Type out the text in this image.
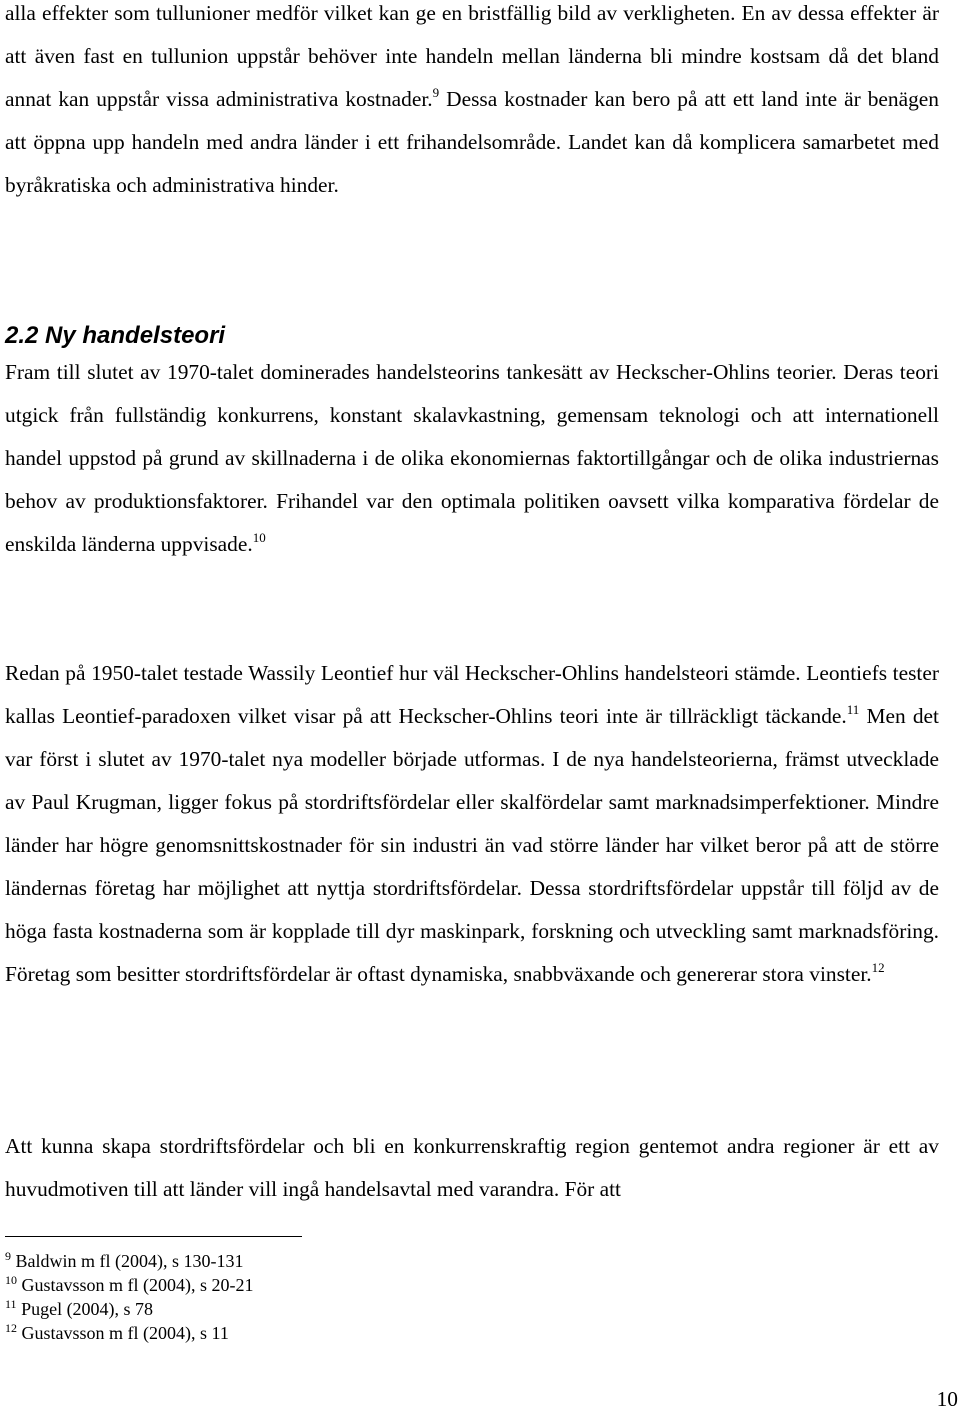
alla effekter som tullunioner medför vilket kan ge en bristfällig bild av verkligheten. En av dessa effekter är att även fast en tullunion uppstår behöver inte handeln mellan länderna bli mindre kostsam då det bland annat kan uppstår vissa administrativa kostnader.$^9$ Dessa kostnader kan bero på att ett land inte är benägen att öppna upp handeln med andra länder i ett frihandelsområde. Landet kan då komplicera samarbetet med byråkratiska och administrativa hinder.

2.2 Ny handelsteori

Fram till slutet av 1970-talet dominerades handelsteorins tankesätt av Heckscher-Ohlins teorier. Deras teori utgick från fullständig konkurrens, konstant skalavkastning, gemensam teknologi och att internationell handel uppstod på grund av skillnaderna i de olika ekonomiernas faktortillgångar och de olika industriernas behov av produktionsfaktorer. Frihandel var den optimala politiken oavsett vilka komparativa fördelar de enskilda länderna uppvisade.$^{10}$

Redan på 1950-talet testade Wassily Leontief hur väl Heckscher-Ohlins handelsteori stämde. Leontiefs tester kallas Leontief-paradoxen vilket visar på att Heckscher-Ohlins teori inte är tillräckligt täckande.$^{11}$ Men det var först i slutet av 1970-talet nya modeller började utformas. I de nya handelsteorierna, främst utvecklade av Paul Krugman, ligger fokus på stordriftsfördelar eller skalfördelar samt marknadsimperfektioner. Mindre länder har högre genomsnittskostnader för sin industri än vad större länder har vilket beror på att de större ländernas företag har möjlighet att nyttja stordriftsfördelar. Dessa stordriftsfördelar uppstår till följd av de höga fasta kostnaderna som är kopplade till dyr maskinpark, forskning och utveckling samt marknadsföring. Företag som besitter stordriftsfördelar är oftast dynamiska, snabbväxande och genererar stora vinster.$^{12}$

Att kunna skapa stordriftsfördelar och bli en konkurrenskraftig region gentemot andra regioner är ett av huvudmotiven till att länder vill ingå handelsavtal med varandra. För att

$^9$ Baldwin m fl (2004), s 130-131
$^{10}$ Gustavsson m fl (2004), s 20-21
$^{11}$ Pugel (2004), s 78
$^{12}$ Gustavsson m fl (2004), s 11
10
